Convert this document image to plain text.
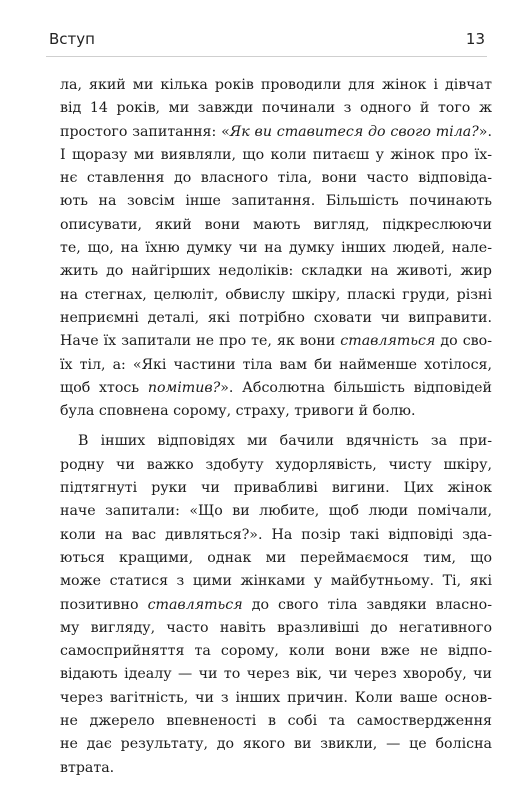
Вступ	13
ла, який ми кілька років проводили для жінок і дівчат
від 14 років, ми завжди починали з одного й того ж
простого запитання: «Як ви ставитеся до свого тіла?».
І щоразу ми виявляли, що коли питаєш у жінок про їх-
нє ставлення до власного тіла, вони часто відповіда-
ють на зовсім інше запитання. Більшість починають
описувати, який вони мають вигляд, підкреслюючи
те, що, на їхню думку чи на думку інших людей, нале-
жить до найгірших недоліків: складки на животі, жир
на стегнах, целюліт, обвислу шкіру, пласкі груди, різні
неприємні деталі, які потрібно сховати чи виправити.
Наче їх запитали не про те, як вони ставляться до сво-
їх тіл, а: «Які частини тіла вам би найменше хотілося,
щоб хтось помітив?». Абсолютна більшість відповідей
була сповнена сорому, страху, тривоги й болю.
В інших відповідях ми бачили вдячність за при-
родну чи важко здобуту худорлявість, чисту шкіру,
підтягнуті руки чи привабливі вигини. Цих жінок
наче запитали: «Що ви любите, щоб люди помічали,
коли на вас дивляться?». На позір такі відповіді зда-
ються кращими, однак ми переймаємося тим, що
може статися з цими жінками у майбутньому. Ті, які
позитивно ставляться до свого тіла завдяки власно-
му вигляду, часто навіть вразливіші до негативного
самосприйняття та сорому, коли вони вже не відпо-
відають ідеалу — чи то через вік, чи через хворобу, чи
через вагітність, чи з інших причин. Коли ваше основ-
не джерело впевненості в собі та самоствердження
не дає результату, до якого ви звикли, — це болісна
втрата.
